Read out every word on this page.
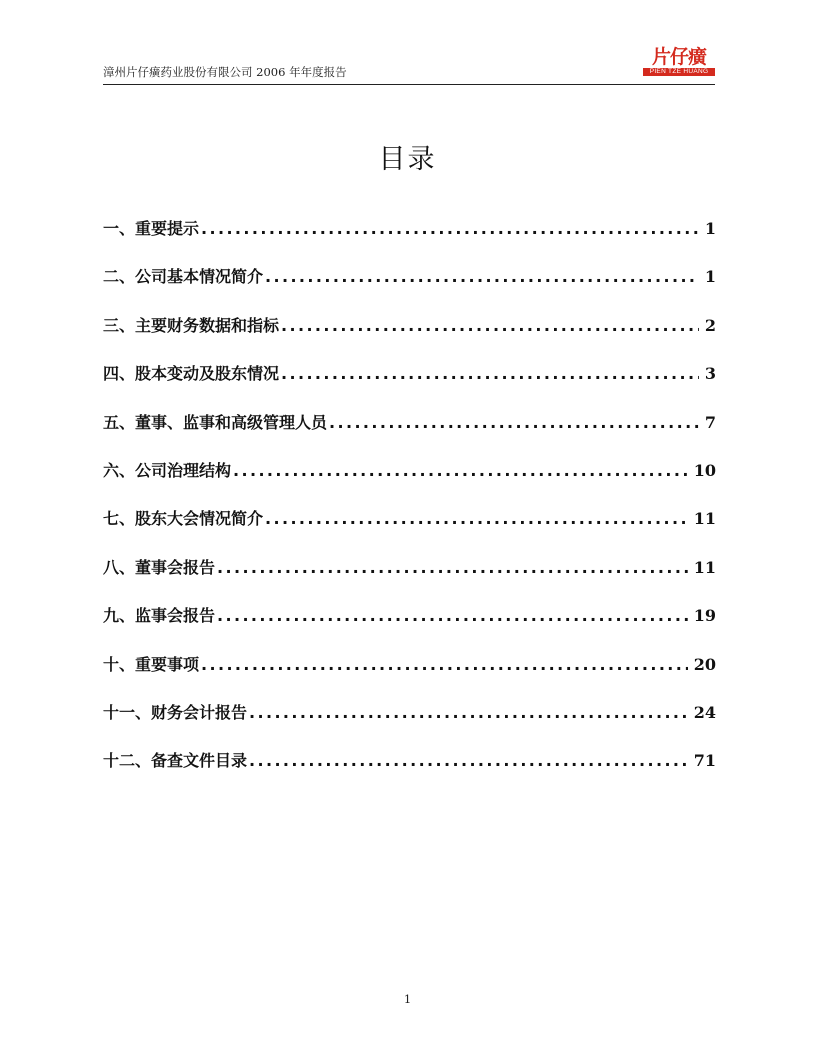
漳州片仔癀药业股份有限公司 2006 年年度报告
片仔癀
PIEN TZE HUANG
目录
一、重要提示 .....	1
二、公司基本情况简介 .....	1
三、主要财务数据和指标 .....	2
四、股本变动及股东情况 .....	3
五、董事、监事和高级管理人员 .....	7
六、公司治理结构 .....	10
七、股东大会情况简介 .....	11
八、董事会报告 .....	11
九、监事会报告 .....	19
十、重要事项 .....	20
十一、财务会计报告 .....	24
十二、备查文件目录 .....	71
1
